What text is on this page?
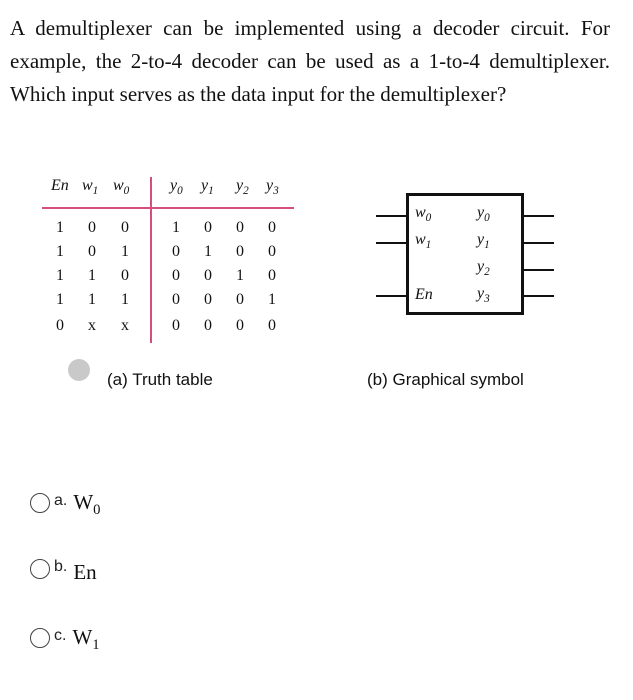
A demultiplexer can be implemented using a decoder circuit. For example, the 2-to-4 decoder can be used as a 1-to-4 demultiplexer. Which input serves as the data input for the demultiplexer?
En $w_1$ $w_0$	$y_0$ $y_1$ $y_2$ $y_3$
1	0	0	1	0	0	0
1	0	1	0	1	0	0
1	1	0	0	0	1	0
1	1	1	0	0	0	1
0	x	x	0	0	0	0
$w_0$
$w_1$
En
$y_0$
$y_1$
$y_2$
$y_3$
(a) Truth table	(b) Graphical symbol
a. $W_0$
b. En
c. $W_1$
